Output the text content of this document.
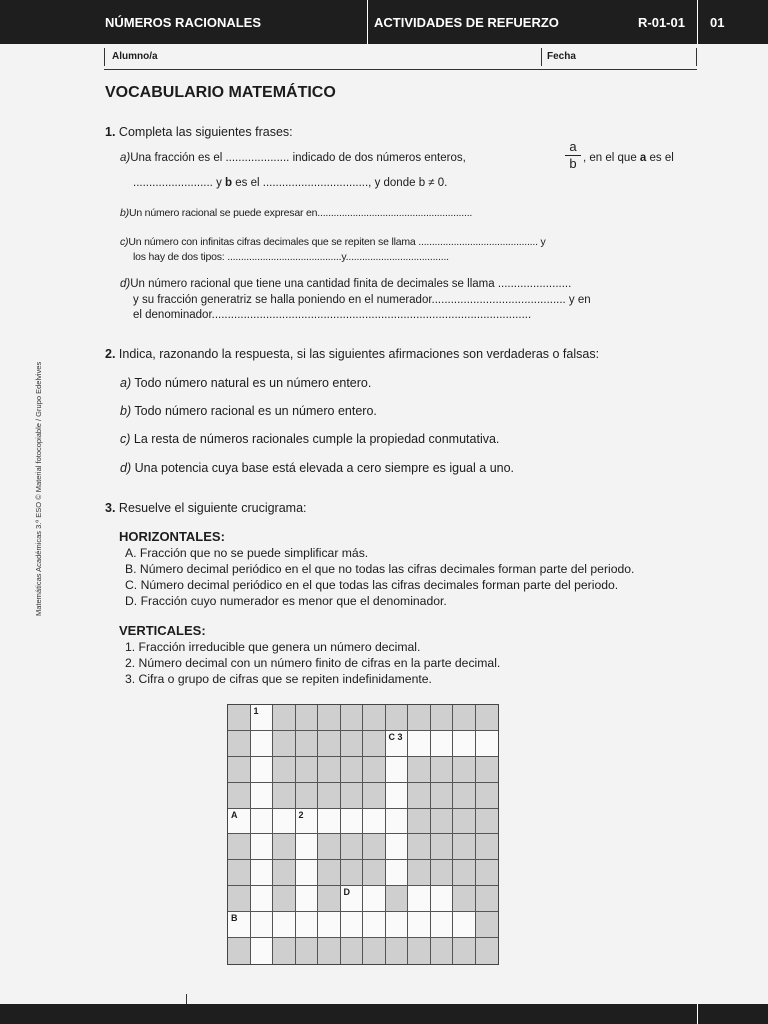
NÚMEROS RACIONALES	ACTIVIDADES DE REFUERZO	R-01-01 01
Alumno/a	Fecha
Matemáticas Académicas 3.º ESO © Material fotocopiable / Grupo Edelvives
VOCABULARIO MATEMÁTICO
1. Completa las siguientes frases:
a)Una fracción es el .................... indicado de dos números enteros,
a
b , en el que a es el
......................... y b es el ................................., y donde b ≠ 0.
b)Un número racional se puede expresar en.........................................................
c)Un número con infinitas cifras decimales que se repiten se llama ............................................ y
los hay de dos tipos: ..........................................y......................................
d)Un número racional que tiene una cantidad finita de decimales se llama .......................
y su fracción generatriz se halla poniendo en el numerador.......................................... y en
el denominador....................................................................................................
2. Indica, razonando la respuesta, si las siguientes afirmaciones son verdaderas o falsas:
a) Todo número natural es un número entero.
b) Todo número racional es un número entero.
c) La resta de números racionales cumple la propiedad conmutativa.
d) Una potencia cuya base está elevada a cero siempre es igual a uno.
3. Resuelve el siguiente crucigrama:
HORIZONTALES:
A. Fracción que no se puede simplificar más.
B. Número decimal periódico en el que no todas las cifras decimales forman parte del periodo.
C. Número decimal periódico en el que todas las cifras decimales forman parte del periodo.
D. Fracción cuyo numerador es menor que el denominador.
VERTICALES:
1. Fracción irreducible que genera un número decimal.
2. Número decimal con un número finito de cifras en la parte decimal.
3. Cifra o grupo de cifras que se repiten indefinidamente.
1
C 3
A	2
D
B
